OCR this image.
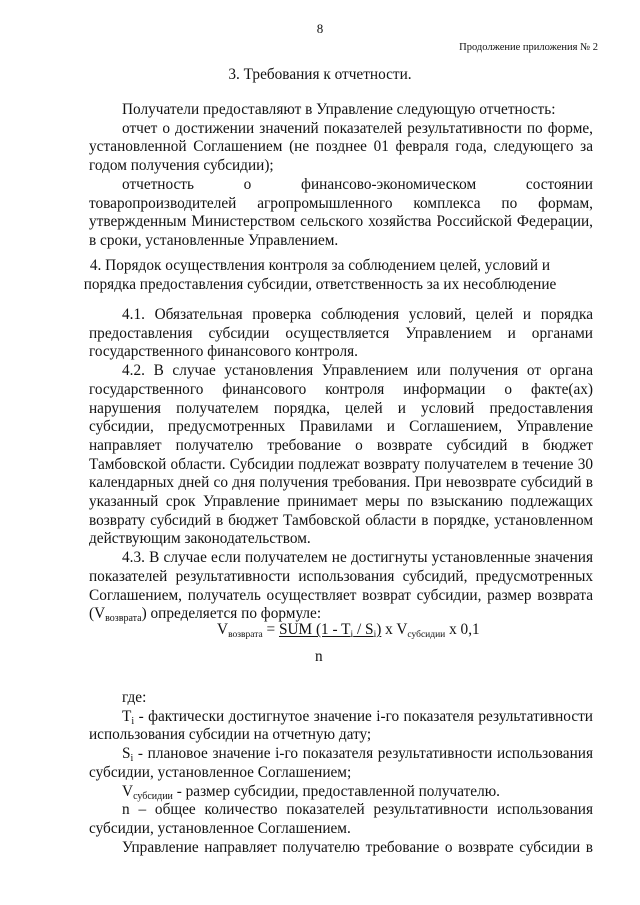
8
Продолжение приложения № 2
3. Требования к отчетности.

Получатели предоставляют в Управление следующую отчетность:

отчет о достижении значений показателей результативности по форме, установленной Соглашением (не позднее 01 февраля года, следующего за годом получения субсидии);

отчетность	о	финансово-экономическом	состоянии

товаропроизводителей агропромышленного комплекса по формам, утвержденным Министерством сельского хозяйства Российской Федерации, в сроки, установленные Управлением.

4. Порядок осуществления контроля за соблюдением целей, условий и
порядка предоставления субсидии, ответственность за их несоблюдение

4.1. Обязательная проверка соблюдения условий, целей и порядка предоставления субсидии осуществляется Управлением и органами государственного финансового контроля.

4.2. В случае установления Управлением или получения от органа государственного финансового контроля информации о факте(ах) нарушения получателем порядка, целей и условий предоставления субсидии, предусмотренных Правилами и Соглашением, Управление направляет получателю требование о возврате субсидий в бюджет Тамбовской области. Субсидии подлежат возврату получателем в течение 30 календарных дней со дня получения требования. При невозврате субсидий в указанный срок Управление принимает меры по взысканию подлежащих возврату субсидий в бюджет Тамбовской области в порядке, установленном действующим законодательством.

4.3. В случае если получателем не достигнуты установленные значения показателей результативности использования субсидий, предусмотренных Соглашением, получатель осуществляет возврат субсидии, размер возврата $(V_{возврата})$ определяется по формуле:

$V_{возврата}$ = SUM $(1 - T_i / S_i)$ x $V_{субсидии}$ x 0,1
n

где:

$T_i$ - фактически достигнутое значение i-го показателя результативности использования субсидии на отчетную дату;

$S_i$ - плановое значение i-го показателя результативности использования субсидии, установленное Соглашением;

$V_{субсидии}$ - размер субсидии, предоставленной получателю.

n – общее количество показателей результативности использования субсидии, установленное Соглашением.

Управление направляет получателю требование о возврате субсидии в
